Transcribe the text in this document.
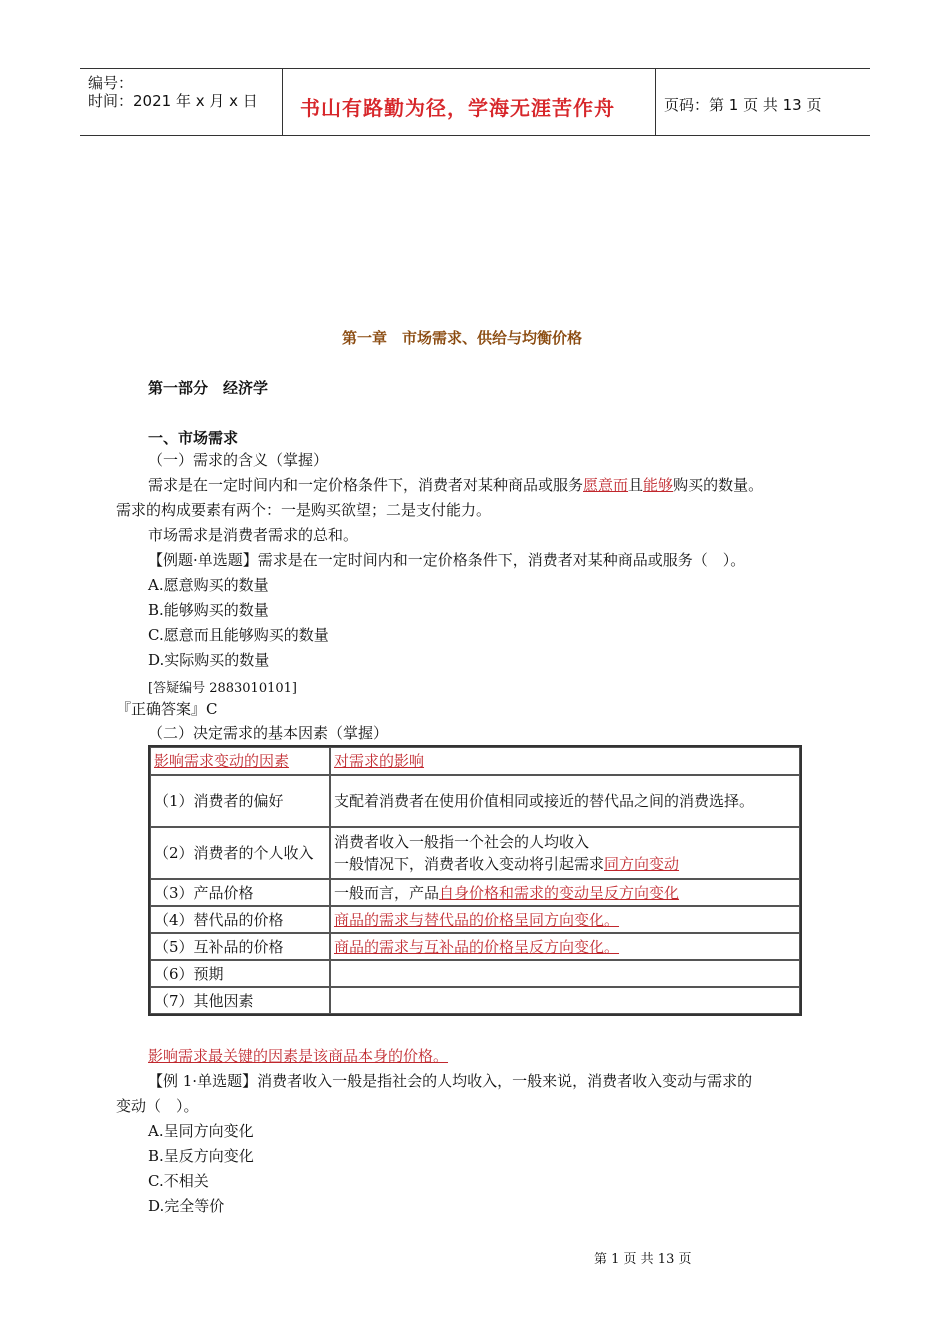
编号：
时间：2021 年 x 月 x 日 书山有路勤为径，学海无涯苦作舟	页码：第 1 页 共 13 页
第一章　市场需求、供给与均衡价格
第一部分　经济学
一、市场需求
（一）需求的含义（掌握）
需求是在一定时间内和一定价格条件下，消费者对某种商品或服务愿意而且能够购买的数量。
需求的构成要素有两个：一是购买欲望；二是支付能力。
市场需求是消费者需求的总和。
【例题·单选题】需求是在一定时间内和一定价格条件下，消费者对某种商品或服务（　）。
A.愿意购买的数量
B.能够购买的数量
C.愿意而且能够购买的数量
D.实际购买的数量
[答疑编号 2883010101]
『正确答案』C
（二）决定需求的基本因素（掌握）
影响需求变动的因素	对需求的影响
（1）消费者的偏好	支配着消费者在使用价值相同或接近的替代品之间的消费选择。
（2）消费者的个人收入	消费者收入一般指一个社会的人均收入
一般情况下，消费者收入变动将引起需求同方向变动

（3）产品价格	一般而言，产品自身价格和需求的变动呈反方向变化
（4）替代品的价格	商品的需求与替代品的价格呈同方向变化。
（5）互补品的价格	商品的需求与互补品的价格呈反方向变化。
（6）预期	
（7）其他因素	
影响需求最关键的因素是该商品本身的价格。
【例 1·单选题】消费者收入一般是指社会的人均收入，一般来说，消费者收入变动与需求的
变动（　）。
A.呈同方向变化
B.呈反方向变化
C.不相关
D.完全等价
第 1 页 共 13 页
